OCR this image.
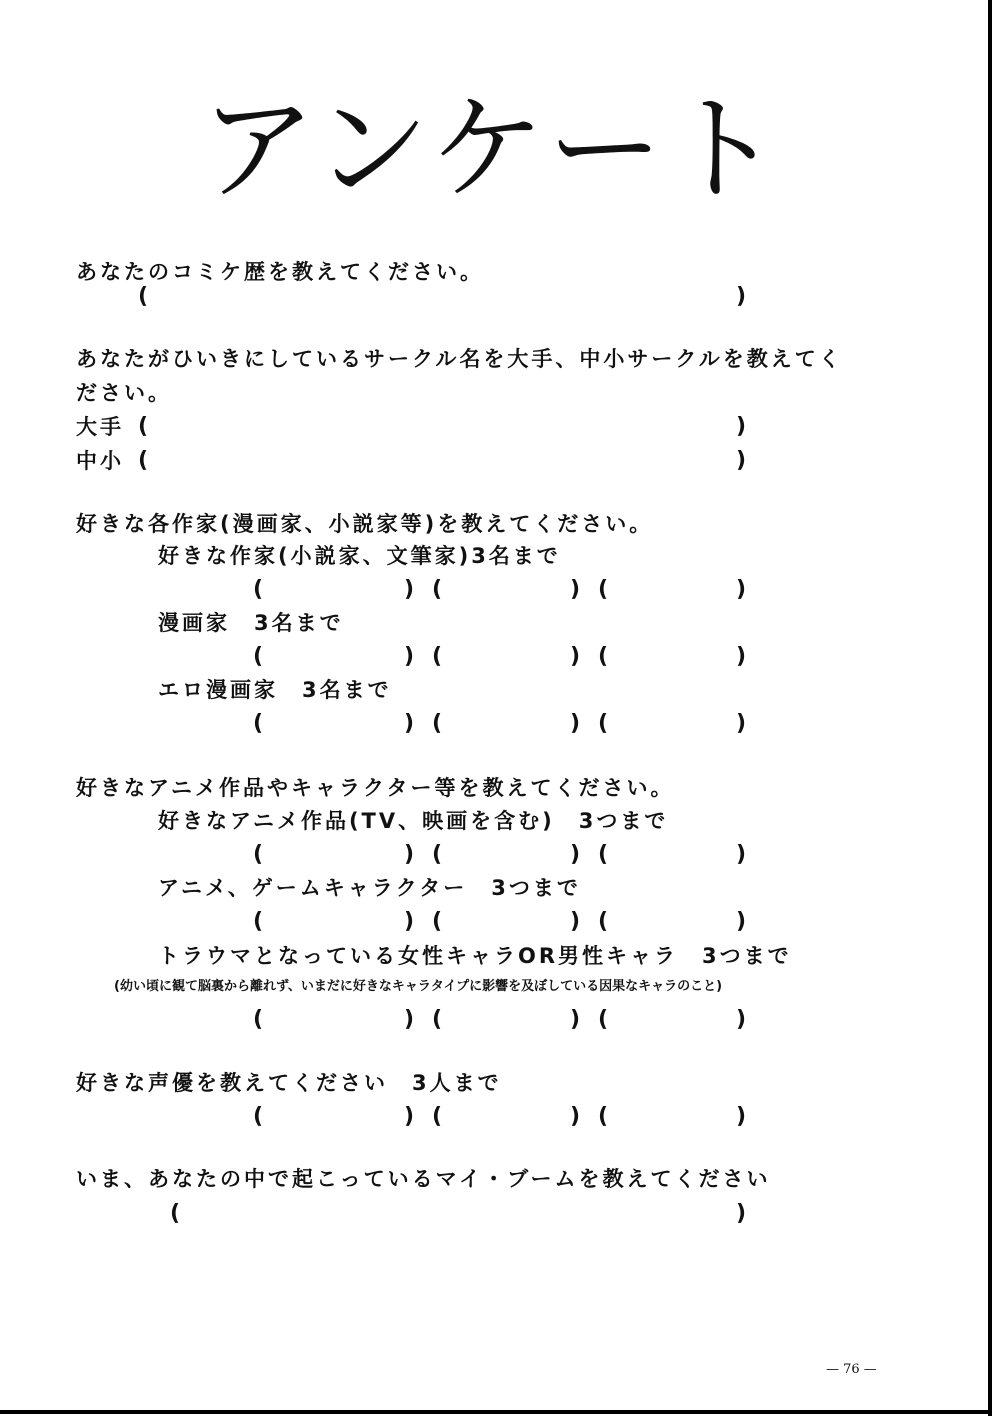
アンケート
あなたのコミケ歴を教えてください。
(	)
あなたがひいきにしているサークル名を大手、中小サークルを教えてく
ださい。
大手 (	)
中小 (	)
好きな各作家(漫画家、小説家等)を教えてください。
好きな作家(小説家、文筆家)3名まで
(	) (	) (	)
漫画家　3名まで
(	) (	) (	)
エロ漫画家　3名まで
(	) (	) (	)
好きなアニメ作品やキャラクター等を教えてください。
好きなアニメ作品(TV、映画を含む)　3つまで
(	) (	) (	)
アニメ、ゲームキャラクター　3つまで
(	) (	) (	)
トラウマとなっている女性キャラOR男性キャラ　3つまで
(幼い頃に観て脳裏から離れず、いまだに好きなキャラタイプに影響を及ぼしている因果なキャラのこと)
(	) (	) (	)
好きな声優を教えてください　3人まで
(	) (	) (	)
いま、あなたの中で起こっているマイ・ブームを教えてください
(	)
— 76 —
